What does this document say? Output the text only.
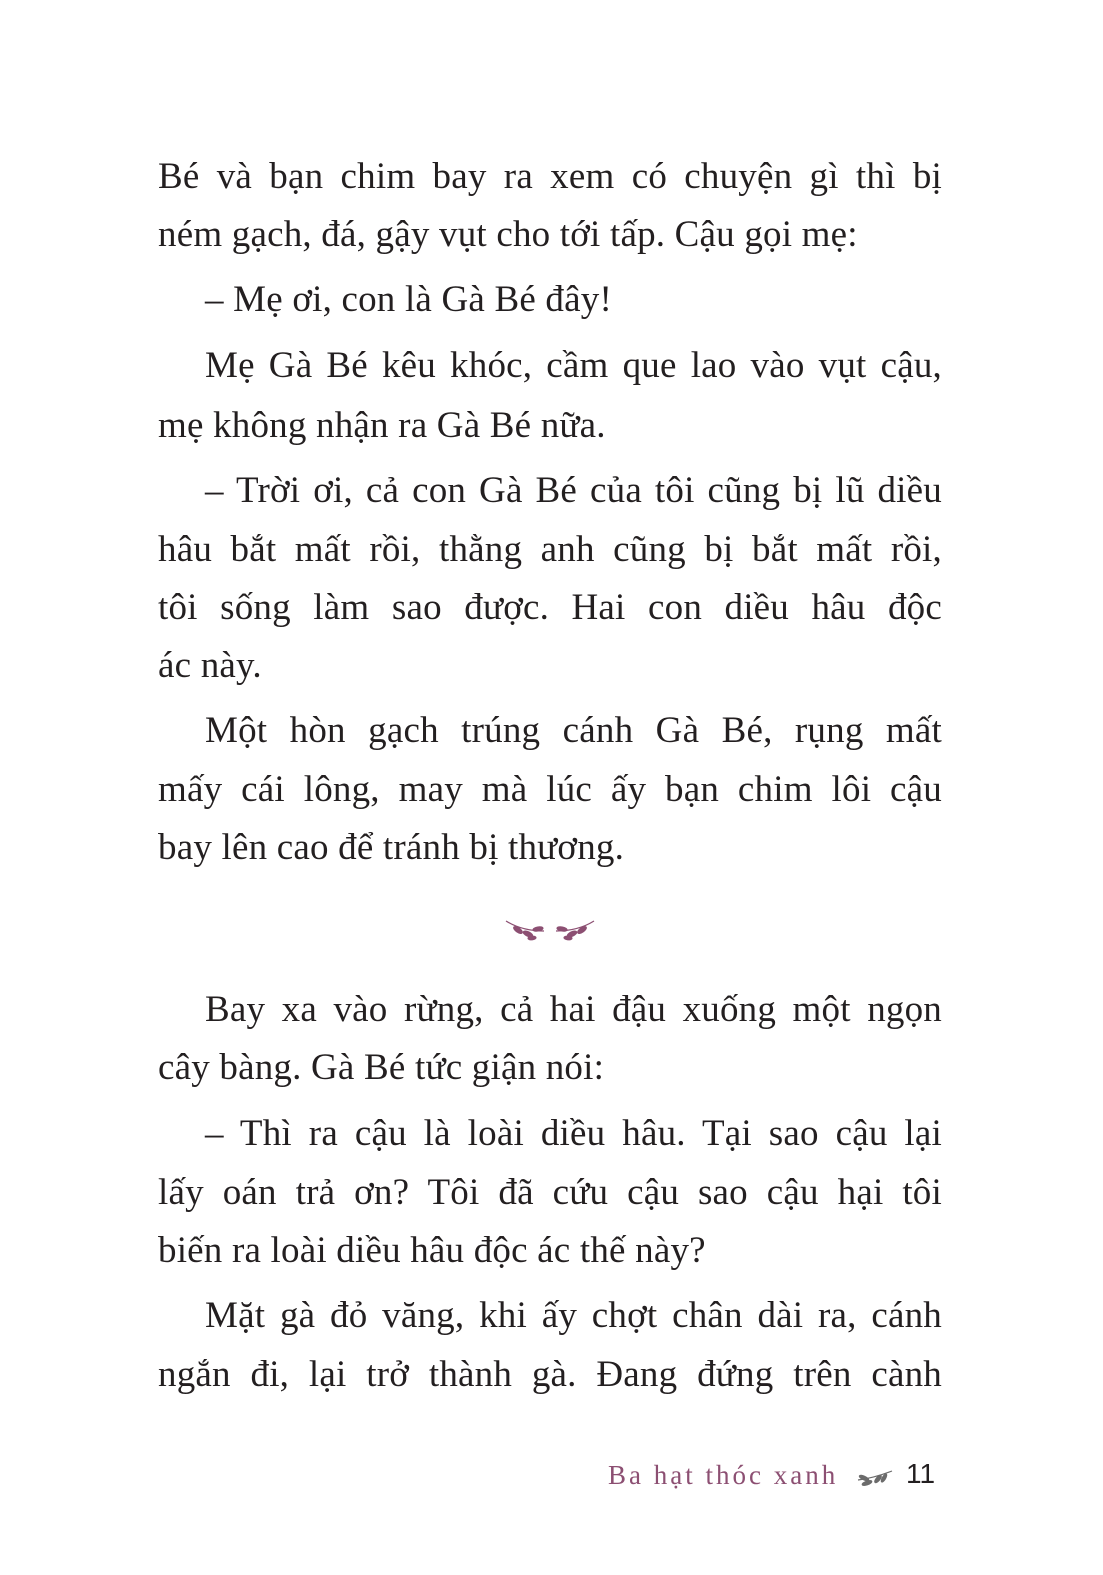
Bé và bạn chim bay ra xem có chuyện gì thì bị
ném gạch, đá, gậy vụt cho tới tấp. Cậu gọi mẹ:
– Mẹ ơi, con là Gà Bé đây!
Mẹ Gà Bé kêu khóc, cầm que lao vào vụt cậu,
mẹ không nhận ra Gà Bé nữa.
– Trời ơi, cả con Gà Bé của tôi cũng bị lũ diều
hâu bắt mất rồi, thằng anh cũng bị bắt mất rồi,
tôi sống làm sao được. Hai con diều hâu độc
ác này.
Một hòn gạch trúng cánh Gà Bé, rụng mất
mấy cái lông, may mà lúc ấy bạn chim lôi cậu
bay lên cao để tránh bị thương.
Bay xa vào rừng, cả hai đậu xuống một ngọn
cây bàng. Gà Bé tức giận nói:
– Thì ra cậu là loài diều hâu. Tại sao cậu lại
lấy oán trả ơn? Tôi đã cứu cậu sao cậu hại tôi
biến ra loài diều hâu độc ác thế này?
Mặt gà đỏ văng, khi ấy chợt chân dài ra, cánh
ngắn đi, lại trở thành gà. Đang đứng trên cành
Ba hạt thóc xanh 11
